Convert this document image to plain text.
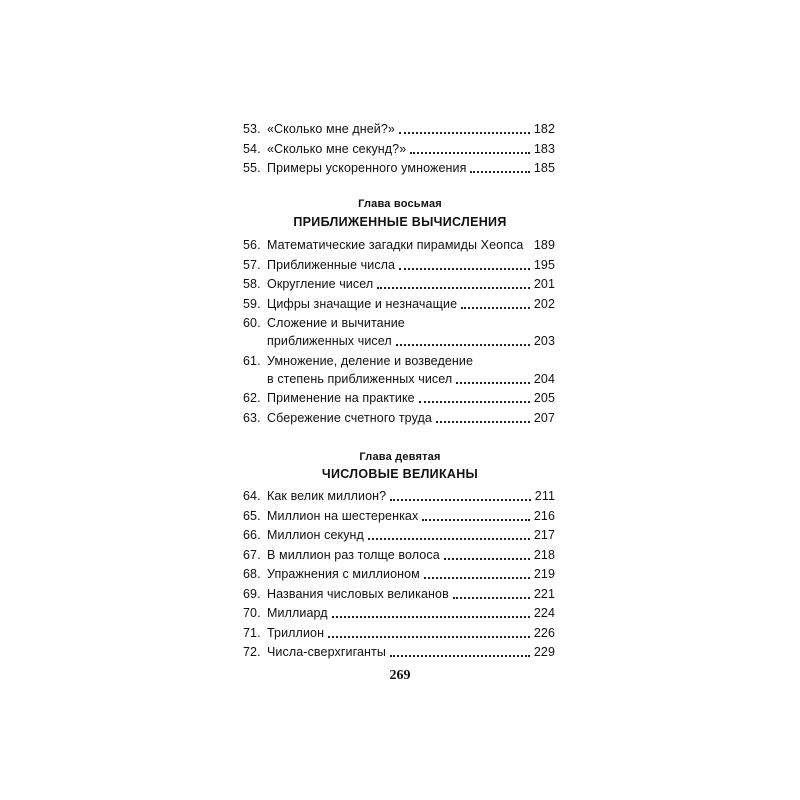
53. «Сколько мне дней?»	182
54. «Сколько мне секунд?»	183
55. Примеры ускоренного умножения	185
Глава восьмая
ПРИБЛИЖЕННЫЕ ВЫЧИСЛЕНИЯ
56. Математические загадки пирамиды Хеопса 189
57. Приближенные числа	195
58. Округление чисел	201
59. Цифры значащие и незначащие	202
60. Сложение и вычитание
приближенных чисел	203
61. Умножение, деление и возведение
в степень приближенных чисел	204
62. Применение на практике	205
63. Сбережение счетного труда	207
Глава девятая
ЧИСЛОВЫЕ ВЕЛИКАНЫ
64. Как велик миллион?	211
65. Миллион на шестеренках	216
66. Миллион секунд	217
67. В миллион раз толще волоса	218
68. Упражнения с миллионом	219
69. Названия числовых великанов	221
70. Миллиард	224
71. Триллион	226
72. Числа-сверхгиганты	229
269
